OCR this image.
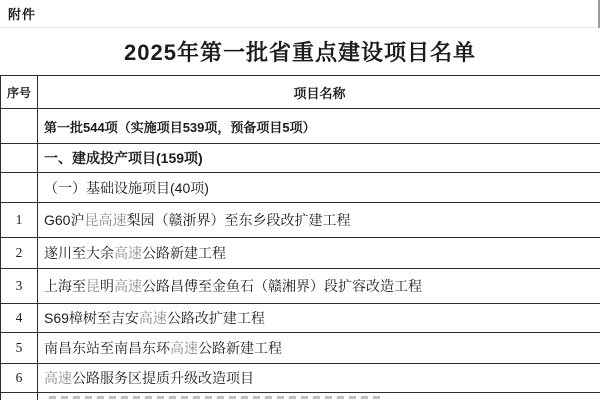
附件
2025年第一批省重点建设项目名单
序号	项目名称
第一批544项（实施项目539项，预备项目5项）
一、建成投产项目(159项)
（一）基础设施项目(40项)
1	G60沪昆高速梨园（赣浙界）至东乡段改扩建工程
2	遂川至大余高速公路新建工程
3	上海至昆明高速公路昌傅至金鱼石（赣湘界）段扩容改造工程
4	S69樟树至吉安高速公路改扩建工程
5	南昌东站至南昌东环高速公路新建工程
6	高速公路服务区提质升级改造项目
